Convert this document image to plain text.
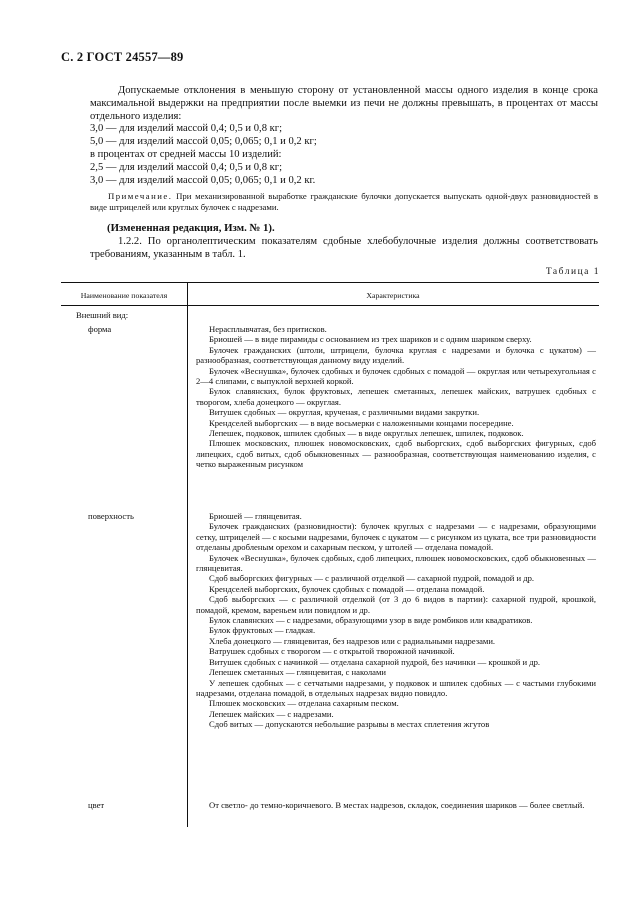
С. 2 ГОСТ 24557—89

Допускаемые отклонения в меньшую сторону от установленной массы одного изделия в конце срока максимальной выдержки на предприятии после выемки из печи не должны превышать, в процентах от массы отдельного изделия:

3,0 — для изделий массой 0,4; 0,5 и 0,8 кг;

5,0 — для изделий массой 0,05; 0,065; 0,1 и 0,2 кг;

в процентах от средней массы 10 изделий:

2,5 — для изделий массой 0,4; 0,5 и 0,8 кг;

3,0 — для изделий массой 0,05; 0,065; 0,1 и 0,2 кг.

Примечание. При механизированной выработке гражданские булочки допускается выпускать одной-двух разновидностей в виде штрицелей или круглых булочек с надрезами.
(Измененная редакция, Изм. № 1).
1.2.2. По органолептическим показателям сдобные хлебобулочные изделия должны соответствовать требованиям, указанным в табл. 1.
Таблица 1
Наименование показателя	Характеристика
Внешний вид:
форма	Нерасплывчатая, без притисков.

Бриошей — в виде пирамиды с основанием из трех шариков и с одним шариком сверху.

Булочек гражданских (штоли, штрицели, булочка круглая с надрезами и булочка с цукатом) — разнообразная, соответствующая данному виду изделий.

Булочек «Веснушка», булочек сдобных и булочек сдобных с помадой — округлая или четырехугольная с 2—4 слипами, с выпуклой верхней коркой.

Булок славянских, булок фруктовых, лепешек сметанных, лепешек майских, ватрушек сдобных с творогом, хлеба донецкого — округлая.

Витушек сдобных — округлая, крученая, с различными видами закрутки.

Крендселей выборгских — в виде восьмерки с наложенными концами посередине.

Лепешек, подковок, шпилек сдобных — в виде округлых лепешек, шпилек, подковок.

Плюшек московских, плюшек новомосковских, сдоб выборгских, сдоб выборгских фигурных, сдоб липецких, сдоб витых, сдоб обыкновенных — разнообразная, соответствующая наименованию изделия, с четко выраженным рисунком

поверхность	Бриошей — глянцевитая.

Булочек гражданских (разновидности): булочек круглых с надрезами — с надрезами, образующими сетку, штрицелей — с косыми надрезами, булочек с цукатом — с рисунком из цуката, все три разновидности отделаны дробленым орехом и сахарным песком, у штолей — отделана помадой.

Булочек «Веснушка», булочек сдобных, сдоб липецких, плюшек новомосковских, сдоб обыкновенных — глянцевитая.

Сдоб выборгских фигурных — с различной отделкой — сахарной пудрой, помадой и др.

Крендселей выборгских, булочек сдобных с помадой — отделана помадой.

Сдоб выборгских — с различной отделкой (от 3 до 6 видов в партии): сахарной пудрой, крошкой, помадой, кремом, вареньем или повидлом и др.

Булок славянских — с надрезами, образующими узор в виде ромбиков или квадратиков.

Булок фруктовых — гладкая.

Хлеба донецкого — глянцевитая, без надрезов или с радиальными надрезами.

Ватрушек сдобных с творогом — с открытой творожной начинкой.

Витушек сдобных с начинкой — отделана сахарной пудрой, без начинки — крошкой и др.

Лепешек сметанных — глянцевитая, с наколами

У лепешек сдобных — с сетчатыми надрезами, у подковок и шпилек сдобных — с частыми глубокими надрезами, отделана помадой, в отдельных надрезах видно повидло.

Плюшек московских — отделана сахарным песком.

Лепешек майских — с надрезами.

Сдоб витых — допускаются небольшие разрывы в местах сплетения жгутов

цвет	От светло- до темно-коричневого. В местах надрезов, складок, соединения шариков — более светлый.
